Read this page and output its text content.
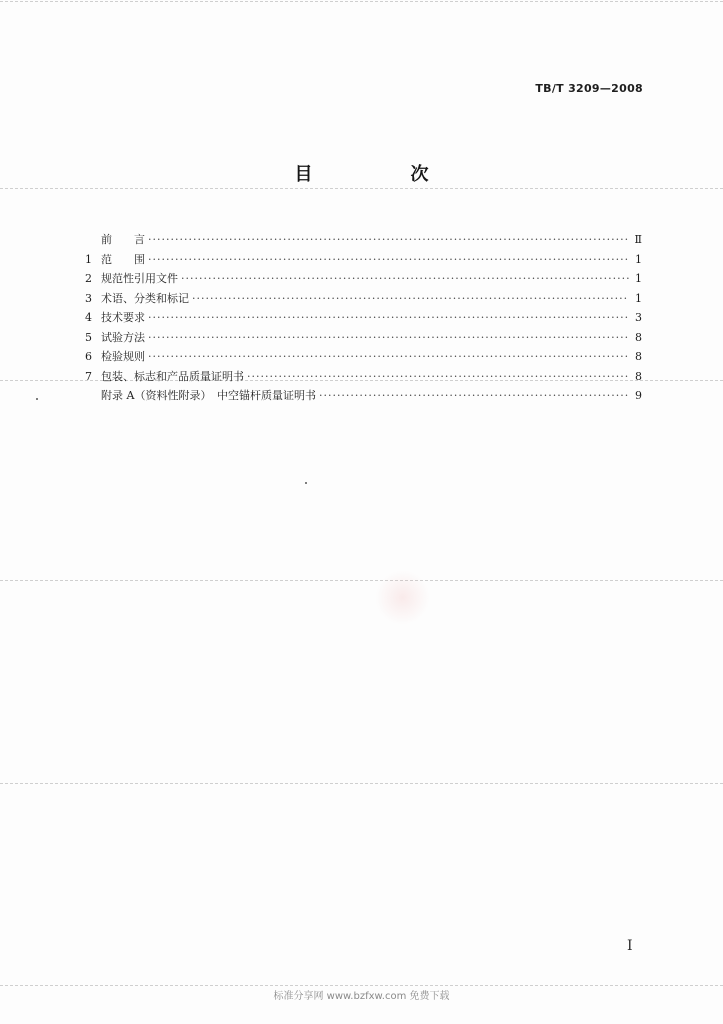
TB/T 3209—2008
目　次
前　　言 ·····	Ⅱ
1 范　　围 ·····	1
2 规范性引用文件 ·····	1
3 术语、分类和标记 ·····	1
4 技术要求 ·····	3
5 试验方法 ·····	8
6 检验规则 ·····	8
7 包装、标志和产品质量证明书 ·····	8
附录 A（资料性附录）　中空锚杆质量证明书 ·····	9
I
标准分享网 www.bzfxw.com 免费下载
